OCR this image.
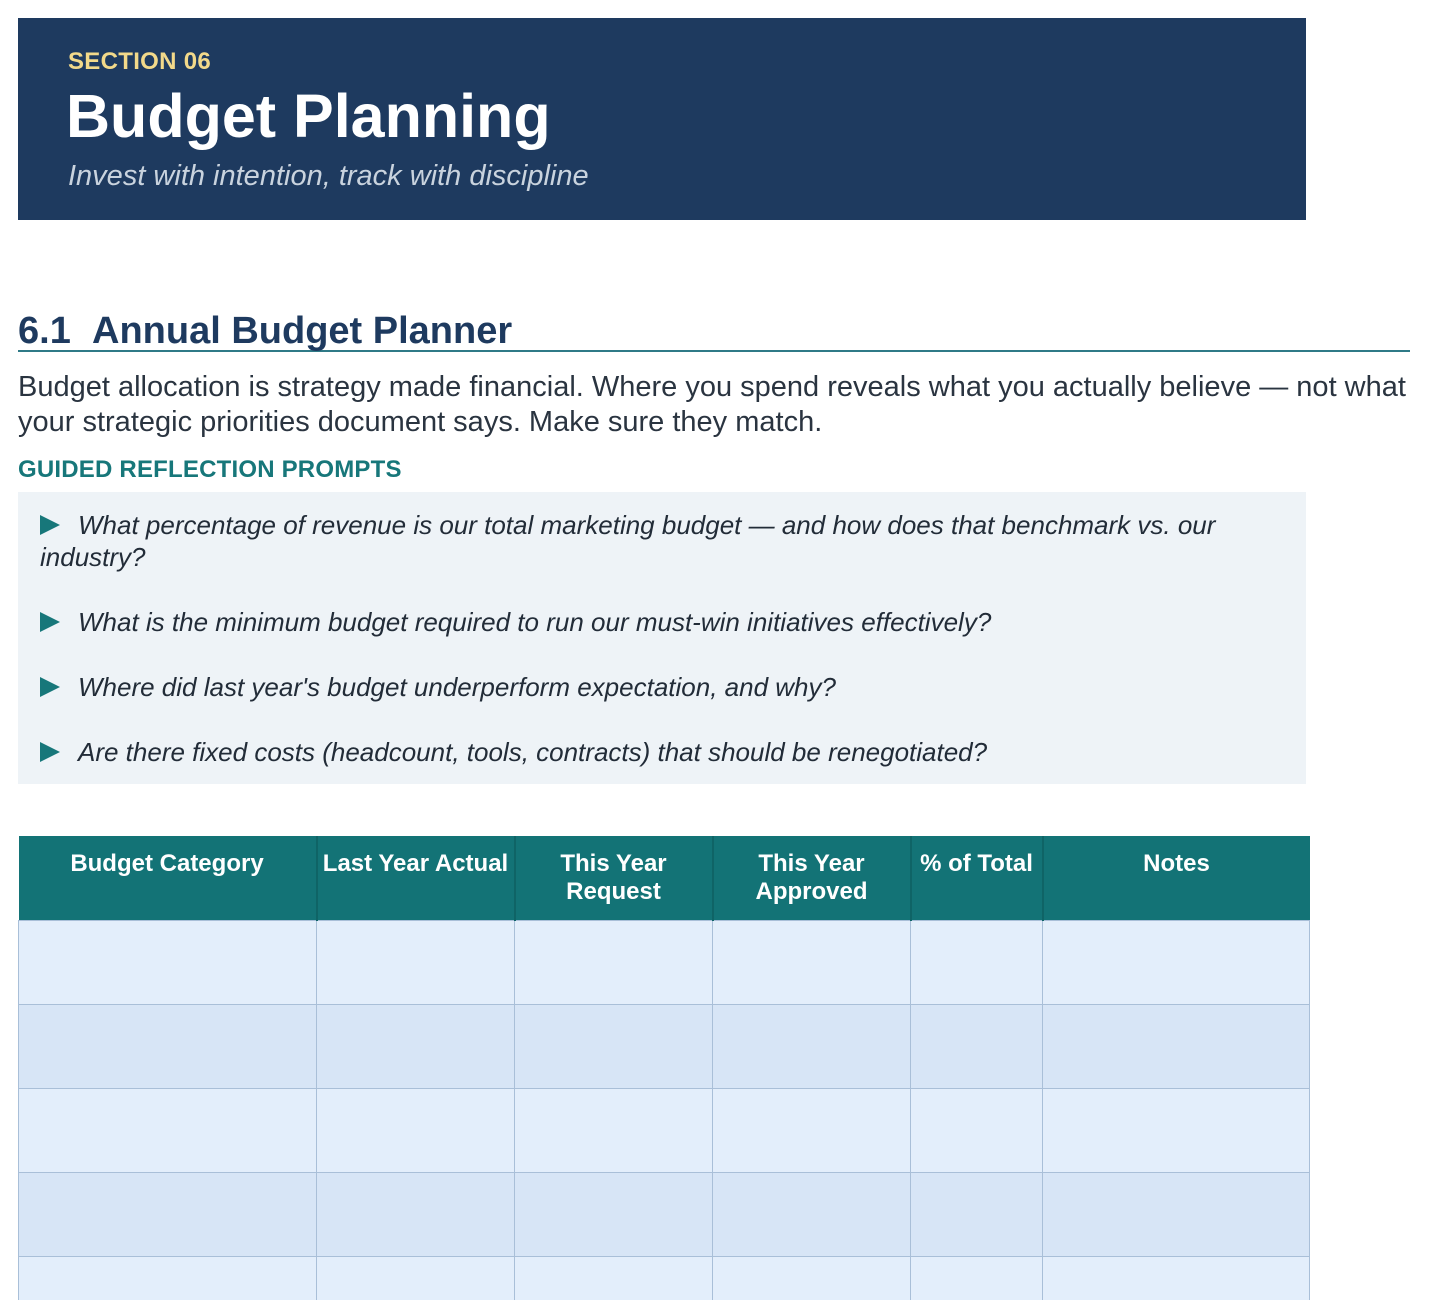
SECTION 06
Budget Planning
Invest with intention, track with discipline
6.1 Annual Budget Planner
Budget allocation is strategy made financial. Where you spend reveals what you actually believe — not what your strategic priorities document says. Make sure they match.
GUIDED REFLECTION PROMPTS
What percentage of revenue is our total marketing budget — and how does that benchmark vs. our industry?
What is the minimum budget required to run our must-win initiatives effectively?
Where did last year's budget underperform expectation, and why?
Are there fixed costs (headcount, tools, contracts) that should be renegotiated?
Budget Category	Last Year Actual	This Year Request	This Year Approved	% of Total	Notes
